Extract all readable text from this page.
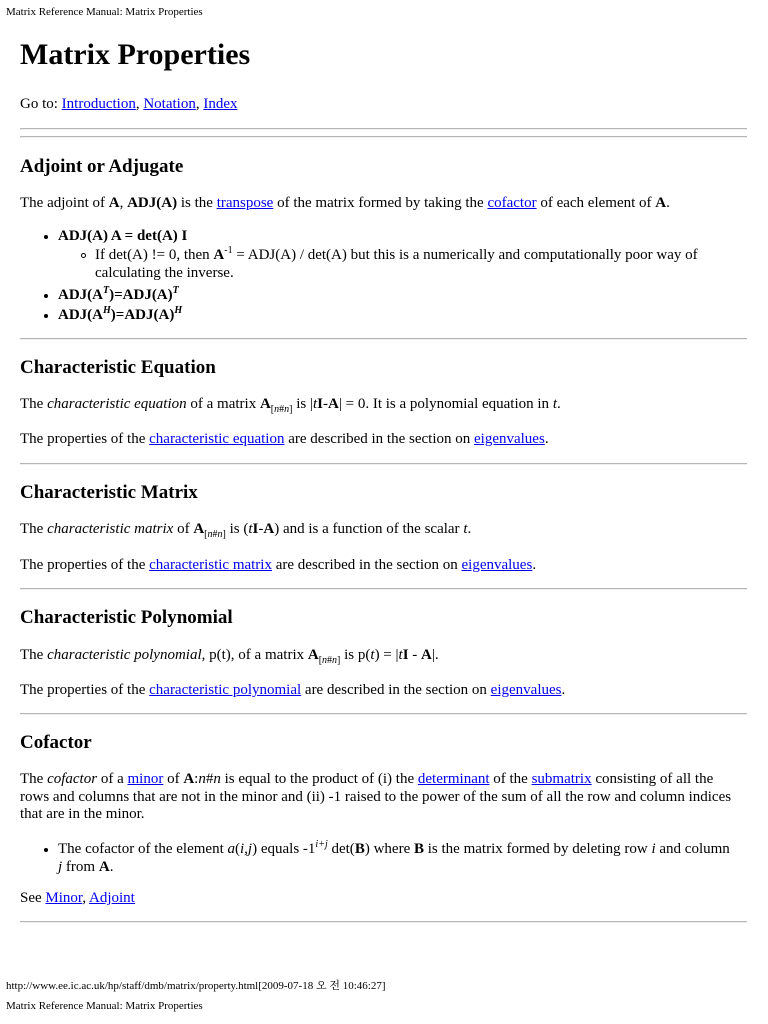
Matrix Reference Manual: Matrix Properties
Matrix Properties

Go to: Introduction, Notation, Index

Adjoint or Adjugate

The adjoint of A, ADJ(A) is the transpose of the matrix formed by taking the cofactor of each element of A.

ADJ(A) A = det(A) I
If det(A) != 0, then $A^{-1} = ADJ(A) / \det(A)$ but this is a numerically and computationally poor way of
calculating the inverse.
$ADJ(A^T)=ADJ(A)^T$
$ADJ(A^H)=ADJ(A)^H$
Characteristic Equation

The characteristic equation of a matrix $A_{[n\#n]}$ is |tI-A| = 0. It is a polynomial equation in t.

The properties of the characteristic equation are described in the section on eigenvalues.

Characteristic Matrix

The characteristic matrix of $A_{[n\#n]}$ is (tI-A) and is a function of the scalar t.

The properties of the characteristic matrix are described in the section on eigenvalues.

Characteristic Polynomial

The characteristic polynomial, p(t), of a matrix $A_{[n\#n]}$ is p(t) = |tI - A|.

The properties of the characteristic polynomial are described in the section on eigenvalues.

Cofactor

The cofactor of a minor of A:n#n is equal to the product of (i) the determinant of the submatrix consisting of all the

rows and columns that are not in the minor and (ii) -1 raised to the power of the sum of all the row and column indices

that are in the minor.

The cofactor of the element a(i,j) equals $-1^{i+j}$ det(B) where B is the matrix formed by deleting row i and column
j from A.

See Minor, Adjoint

http://www.ee.ic.ac.uk/hp/staff/dmb/matrix/property.html[2009-07-18 오 전 10:46:27]
Matrix Reference Manual: Matrix Properties
